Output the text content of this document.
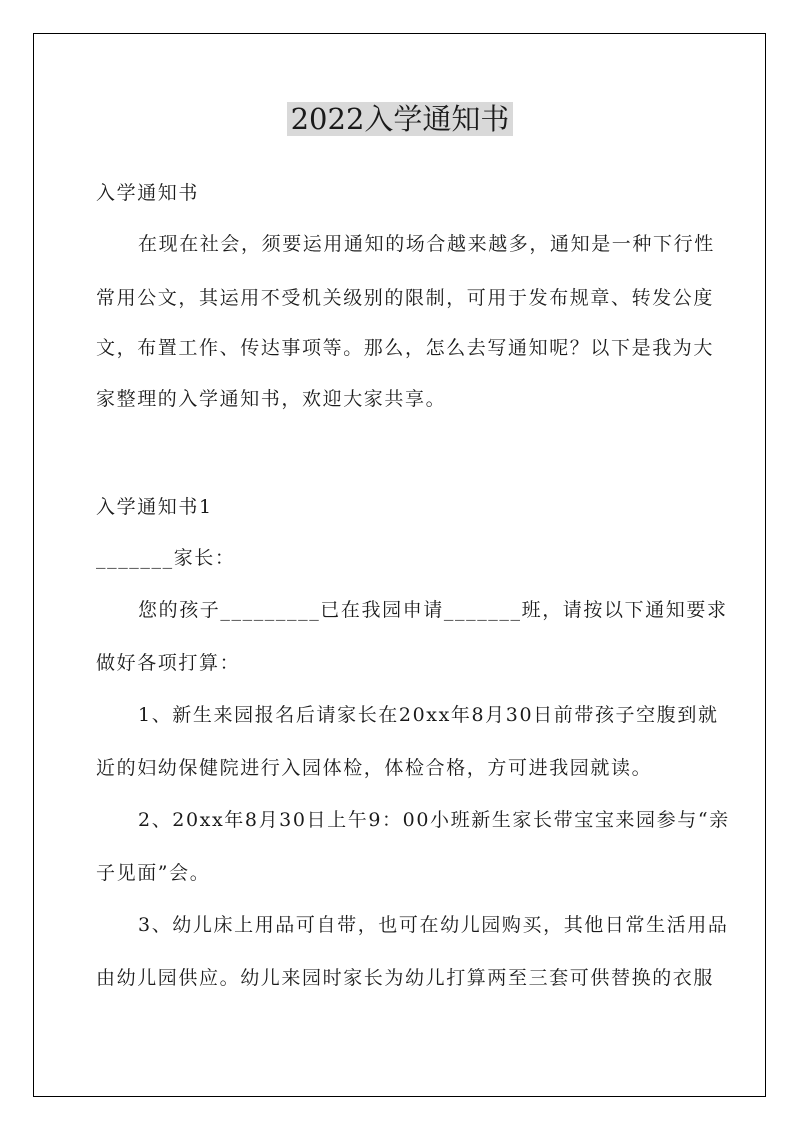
2022入学通知书
入学通知书
在现在社会，须要运用通知的场合越来越多，通知是一种下行性
常用公文，其运用不受机关级别的限制，可用于发布规章、转发公度
文，布置工作、传达事项等。那么，怎么去写通知呢？以下是我为大
家整理的入学通知书，欢迎大家共享。
入学通知书1
_______家长：
您的孩子_________已在我园申请_______班，请按以下通知要求
做好各项打算：
1、新生来园报名后请家长在20xx年8月30日前带孩子空腹到就
近的妇幼保健院进行入园体检，体检合格，方可进我园就读。
2、20xx年8月30日上午9：00小班新生家长带宝宝来园参与“亲
子见面”会。
3、幼儿床上用品可自带，也可在幼儿园购买，其他日常生活用品
由幼儿园供应。幼儿来园时家长为幼儿打算两至三套可供替换的衣服
